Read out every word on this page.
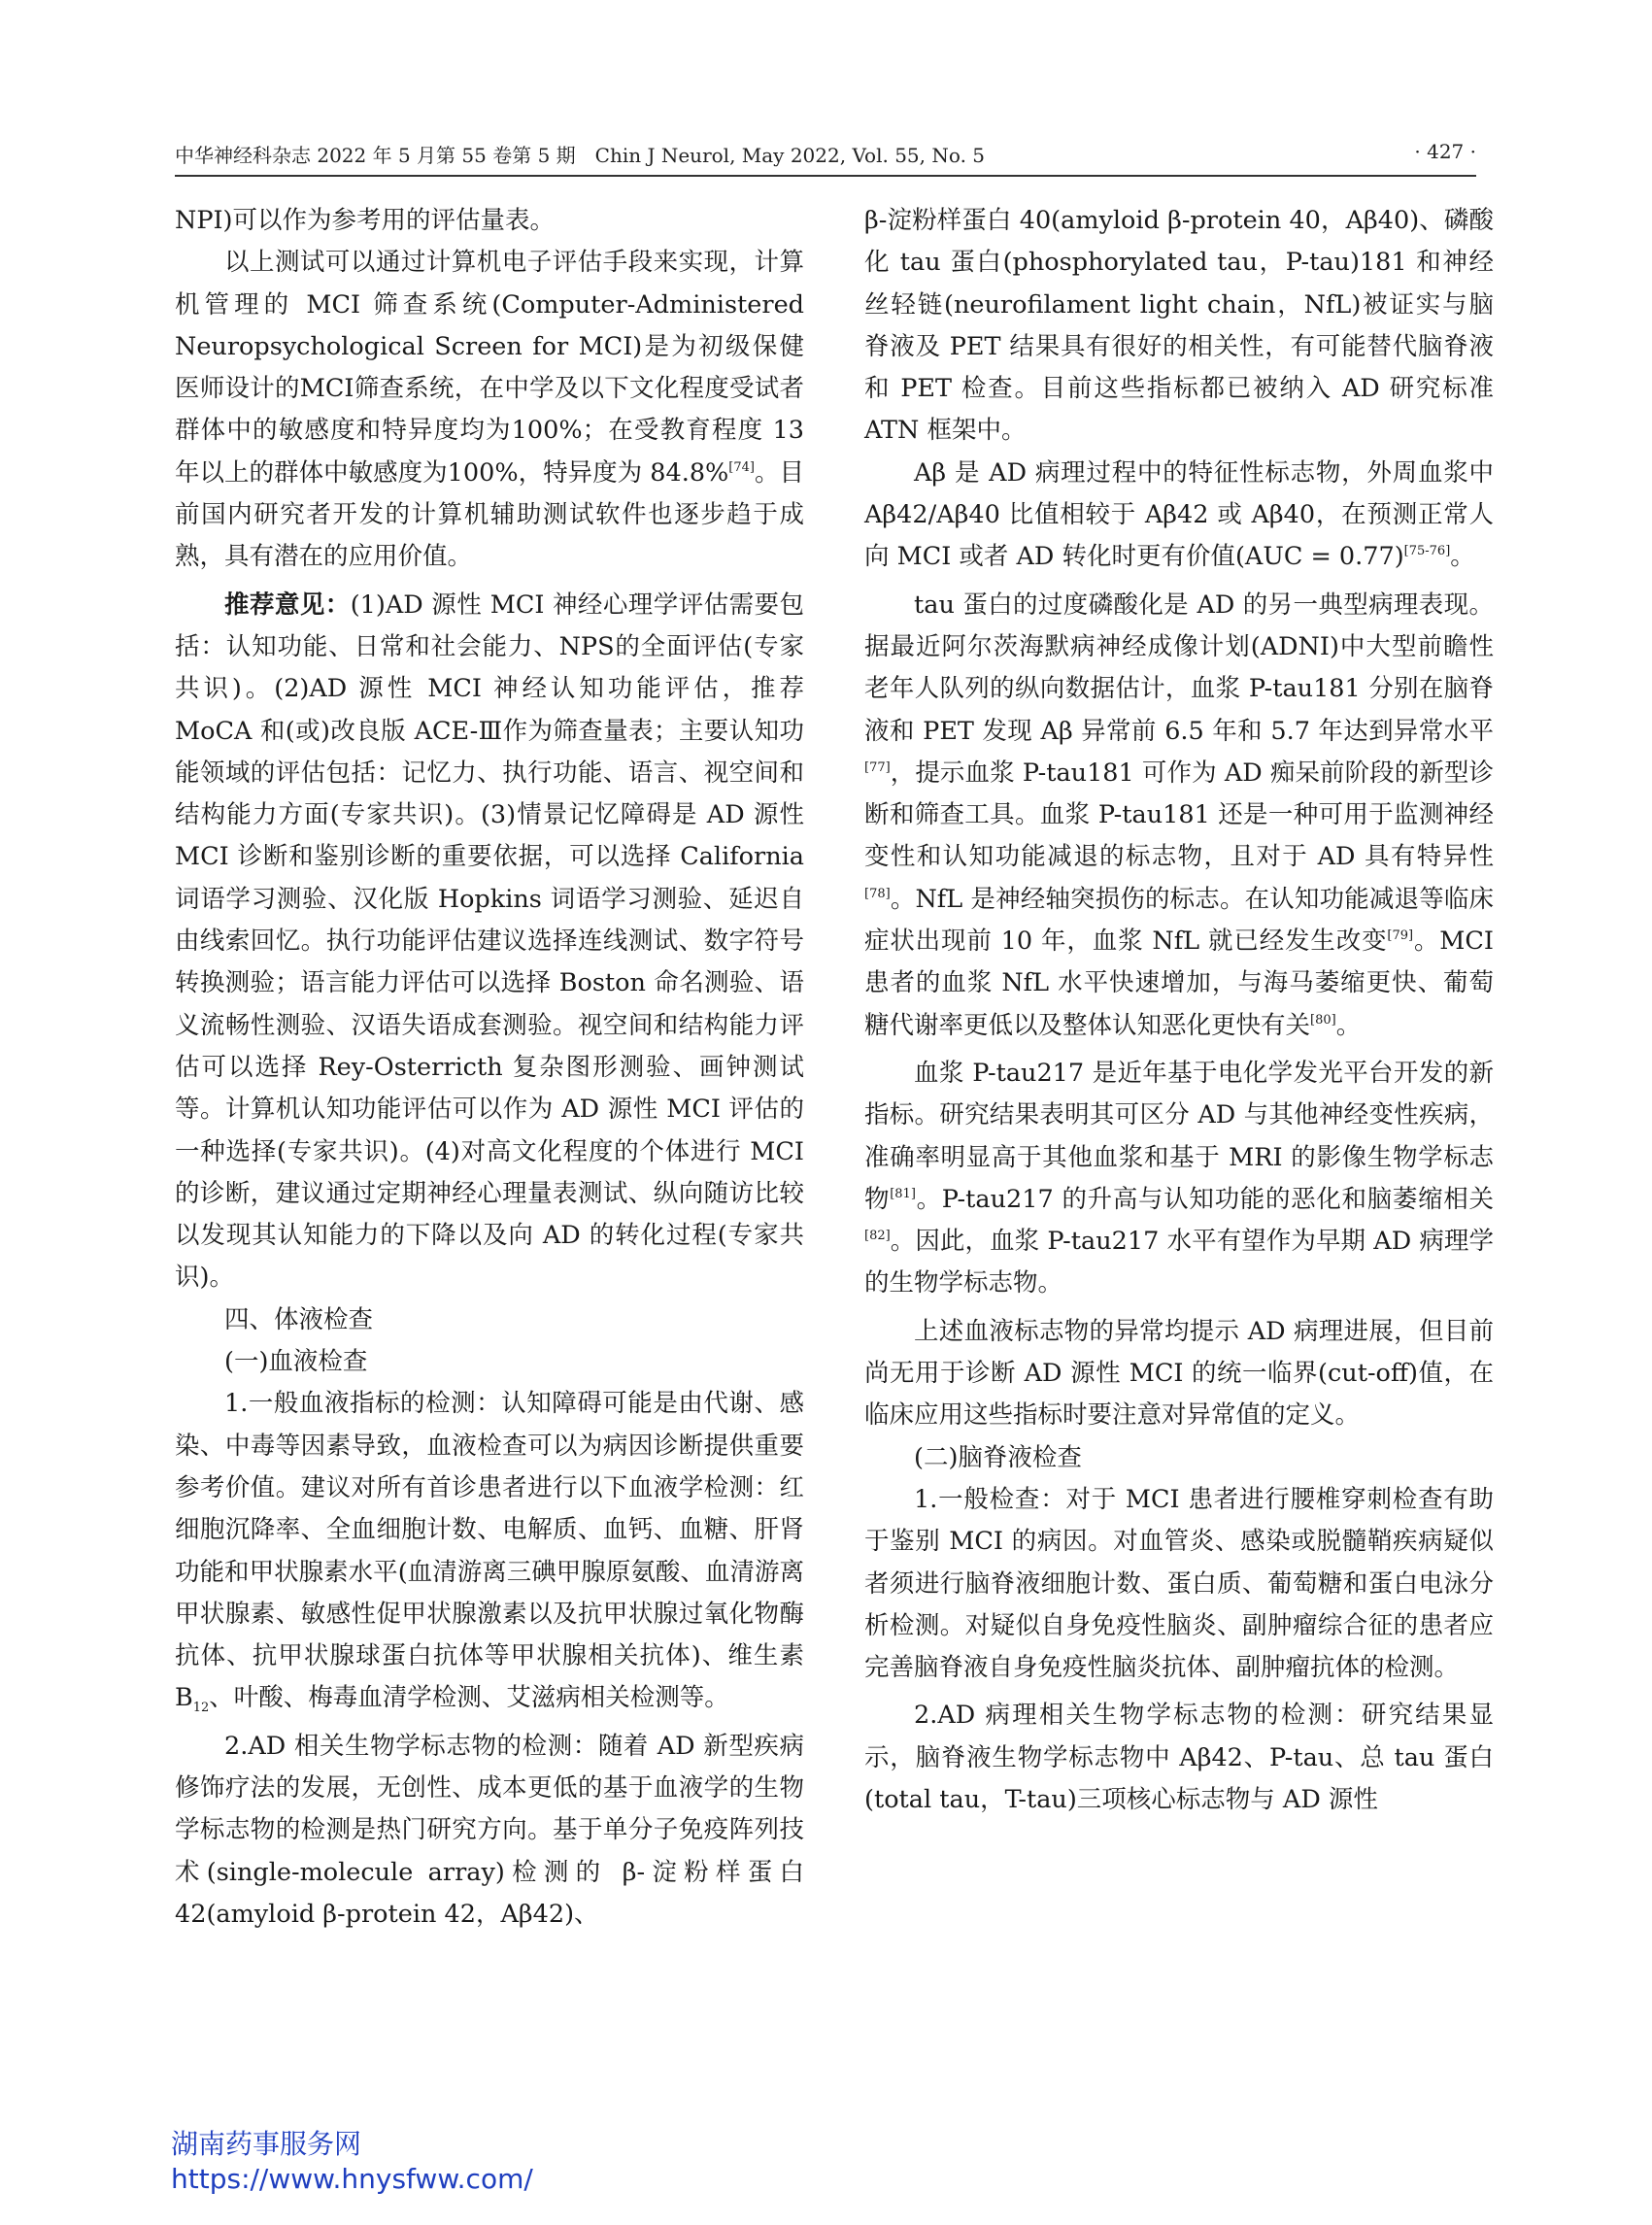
中华神经科杂志 2022 年 5 月第 55 卷第 5 期　Chin J Neurol, May 2022, Vol. 55, No. 5	· 427 ·

NPI)可以作为参考用的评估量表。

以上测试可以通过计算机电子评估手段来实现，计算机管理的 MCI 筛查系统(Computer-Administered Neuropsychological Screen for MCI)是为初级保健医师设计的MCI筛查系统，在中学及以下文化程度受试者群体中的敏感度和特异度均为100%；在受教育程度 13 年以上的群体中敏感度为100%，特异度为 84.8%[74]。目前国内研究者开发的计算机辅助测试软件也逐步趋于成熟，具有潜在的应用价值。

推荐意见：(1)AD 源性 MCI 神经心理学评估需要包括：认知功能、日常和社会能力、NPS的全面评估(专家共识)。(2)AD 源性 MCI 神经认知功能评估，推荐 MoCA 和(或)改良版 ACE-Ⅲ作为筛查量表；主要认知功能领域的评估包括：记忆力、执行功能、语言、视空间和结构能力方面(专家共识)。(3)情景记忆障碍是 AD 源性 MCI 诊断和鉴别诊断的重要依据，可以选择 California 词语学习测验、汉化版 Hopkins 词语学习测验、延迟自由线索回忆。执行功能评估建议选择连线测试、数字符号转换测验；语言能力评估可以选择 Boston 命名测验、语义流畅性测验、汉语失语成套测验。视空间和结构能力评估可以选择 Rey-Osterricth 复杂图形测验、画钟测试等。计算机认知功能评估可以作为 AD 源性 MCI 评估的一种选择(专家共识)。(4)对高文化程度的个体进行 MCI 的诊断，建议通过定期神经心理量表测试、纵向随访比较以发现其认知能力的下降以及向 AD 的转化过程(专家共识)。

四、体液检查

(一)血液检查

1.一般血液指标的检测：认知障碍可能是由代谢、感染、中毒等因素导致，血液检查可以为病因诊断提供重要参考价值。建议对所有首诊患者进行以下血液学检测：红细胞沉降率、全血细胞计数、电解质、血钙、血糖、肝肾功能和甲状腺素水平(血清游离三碘甲腺原氨酸、血清游离甲状腺素、敏感性促甲状腺激素以及抗甲状腺过氧化物酶抗体、抗甲状腺球蛋白抗体等甲状腺相关抗体)、维生素 $B_{12}$、叶酸、梅毒血清学检测、艾滋病相关检测等。

2.AD 相关生物学标志物的检测：随着 AD 新型疾病修饰疗法的发展，无创性、成本更低的基于血液学的生物学标志物的检测是热门研究方向。基于单分子免疫阵列技术(single-molecule array)检测的 β-淀粉样蛋白 42(amyloid β-protein 42，Aβ42)、

β-淀粉样蛋白 40(amyloid β-protein 40，Aβ40)、磷酸化 tau 蛋白(phosphorylated tau，P-tau)181 和神经丝轻链(neurofilament light chain，NfL)被证实与脑脊液及 PET 结果具有很好的相关性，有可能替代脑脊液和 PET 检查。目前这些指标都已被纳入 AD 研究标准 ATN 框架中。

Aβ 是 AD 病理过程中的特征性标志物，外周血浆中 Aβ42/Aβ40 比值相较于 Aβ42 或 Aβ40，在预测正常人向 MCI 或者 AD 转化时更有价值(AUC = 0.77)[75-76]。

tau 蛋白的过度磷酸化是 AD 的另一典型病理表现。据最近阿尔茨海默病神经成像计划(ADNI)中大型前瞻性老年人队列的纵向数据估计，血浆 P-tau181 分别在脑脊液和 PET 发现 Aβ 异常前 6.5 年和 5.7 年达到异常水平[77]，提示血浆 P-tau181 可作为 AD 痴呆前阶段的新型诊断和筛查工具。血浆 P-tau181 还是一种可用于监测神经变性和认知功能减退的标志物，且对于 AD 具有特异性[78]。NfL 是神经轴突损伤的标志。在认知功能减退等临床症状出现前 10 年，血浆 NfL 就已经发生改变[79]。MCI 患者的血浆 NfL 水平快速增加，与海马萎缩更快、葡萄糖代谢率更低以及整体认知恶化更快有关[80]。

血浆 P-tau217 是近年基于电化学发光平台开发的新指标。研究结果表明其可区分 AD 与其他神经变性疾病，准确率明显高于其他血浆和基于 MRI 的影像生物学标志物[81]。P-tau217 的升高与认知功能的恶化和脑萎缩相关[82]。因此，血浆 P-tau217 水平有望作为早期 AD 病理学的生物学标志物。

上述血液标志物的异常均提示 AD 病理进展，但目前尚无用于诊断 AD 源性 MCI 的统一临界(cut-off)值，在临床应用这些指标时要注意对异常值的定义。

(二)脑脊液检查

1.一般检查：对于 MCI 患者进行腰椎穿刺检查有助于鉴别 MCI 的病因。对血管炎、感染或脱髓鞘疾病疑似者须进行脑脊液细胞计数、蛋白质、葡萄糖和蛋白电泳分析检测。对疑似自身免疫性脑炎、副肿瘤综合征的患者应完善脑脊液自身免疫性脑炎抗体、副肿瘤抗体的检测。

2.AD 病理相关生物学标志物的检测：研究结果显示，脑脊液生物学标志物中 Aβ42、P-tau、总 tau 蛋白(total tau，T-tau)三项核心标志物与 AD 源性

湖南药事服务网
https://www.hnysfww.com/
